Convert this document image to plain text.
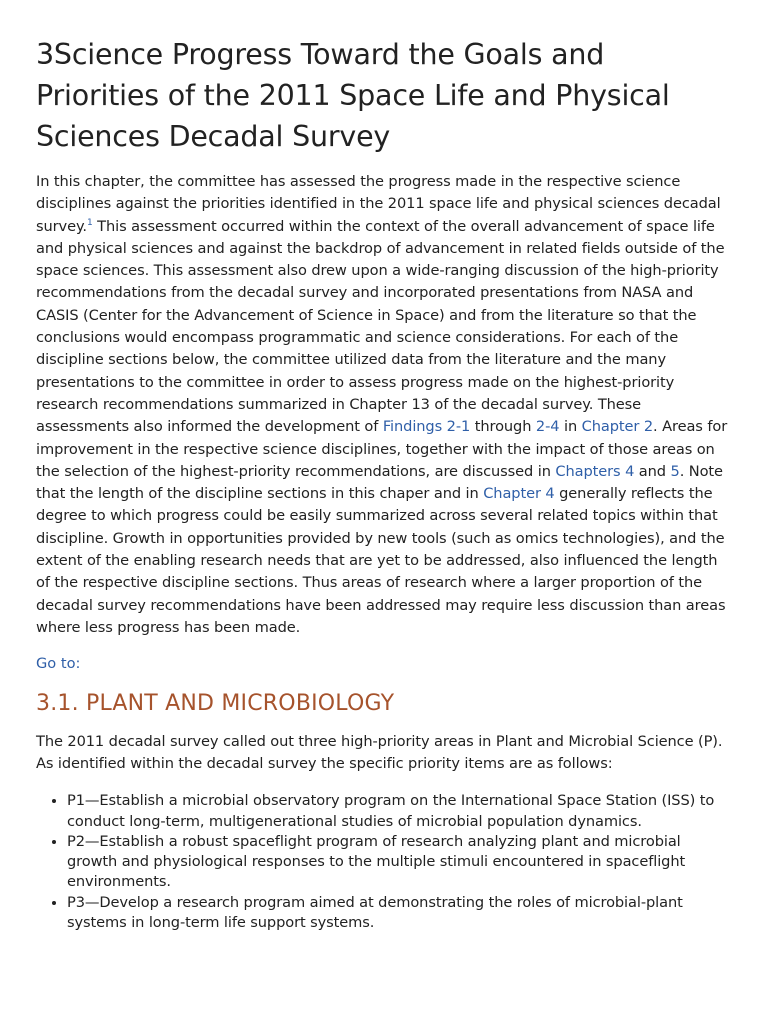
3Science Progress Toward the Goals and Priorities of the 2011 Space Life and Physical Sciences Decadal Survey

In this chapter, the committee has assessed the progress made in the respective science disciplines against the priorities identified in the 2011 space life and physical sciences decadal survey.$^1$ This assessment occurred within the context of the overall advancement of space life and physical sciences and against the backdrop of advancement in related fields outside of the space sciences. This assessment also drew upon a wide-ranging discussion of the high-priority recommendations from the decadal survey and incorporated presentations from NASA and CASIS (Center for the Advancement of Science in Space) and from the literature so that the conclusions would encompass programmatic and science considerations. For each of the discipline sections below, the committee utilized data from the literature and the many presentations to the committee in order to assess progress made on the highest-priority research recommendations summarized in Chapter 13 of the decadal survey. These assessments also informed the development of Findings 2-1 through 2-4 in Chapter 2. Areas for improvement in the respective science disciplines, together with the impact of those areas on the selection of the highest-priority recommendations, are discussed in Chapters 4 and 5. Note that the length of the discipline sections in this chaper and in Chapter 4 generally reflects the degree to which progress could be easily summarized across several related topics within that discipline. Growth in opportunities provided by new tools (such as omics technologies), and the extent of the enabling research needs that are yet to be addressed, also influenced the length of the respective discipline sections. Thus areas of research where a larger proportion of the decadal survey recommendations have been addressed may require less discussion than areas where less progress has been made.

Go to:
3.1. PLANT AND MICROBIOLOGY

The 2011 decadal survey called out three high-priority areas in Plant and Microbial Science (P). As identified within the decadal survey the specific priority items are as follows:

• P1—Establish a microbial observatory program on the International Space Station (ISS) to conduct long-term, multigenerational studies of microbial population dynamics.
• P2—Establish a robust spaceflight program of research analyzing plant and microbial growth and physiological responses to the multiple stimuli encountered in spaceflight environments.
• P3—Develop a research program aimed at demonstrating the roles of microbial-plant systems in long-term life support systems.
